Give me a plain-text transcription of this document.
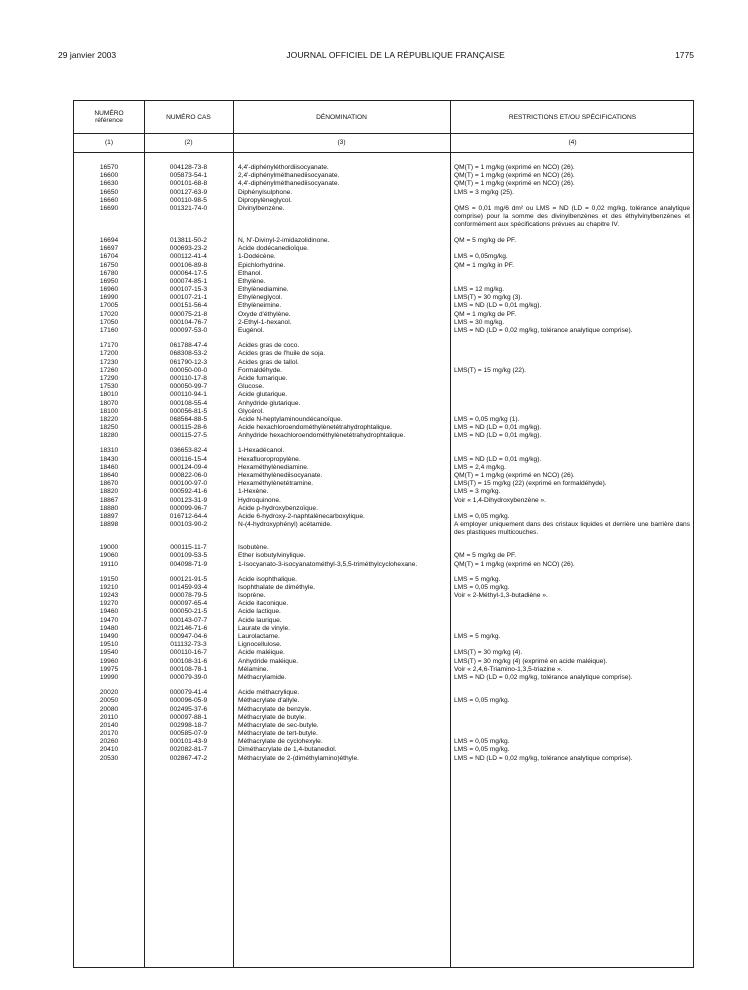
29 janvier 2003	JOURNAL OFFICIEL DE LA RÉPUBLIQUE FRANÇAISE	1775
NUMÉRO référence	NUMÉRO CAS	DÉNOMINATION	RESTRICTIONS ET/OU SPÉCIFICATIONS
(1)	(2)	(3)	(4)
16570	004128-73-8	4,4'-diphényléthordiisocyanate.	QM(T) = 1 mg/kg (exprimé en NCO) (26).
16600	005873-54-1	2,4'-diphénylméthanediisocyanate.	QM(T) = 1 mg/kg (exprimé en NCO) (26).
16630	000101-68-8	4,4'-diphénylméthanediisocyanate.	QM(T) = 1 mg/kg (exprimé en NCO) (26).
16650	000127-63-9	Diphénylsulphone.	LMS = 3 mg/kg (25).
16660	000110-98-5	Dipropylèneglycol.
16690	001321-74-0	Divinylbenzène.	QMS = 0,01 mg/6 dm² ou LMS = ND (LD = 0,02 mg/kg, tolérance analytique comprise) pour la somme des divinylbenzènes et des éthylvinylbenzènes et conformément aux spécifications prévues au chapitre IV.
16694	013811-50-2	N, N'-Divinyl-2-imidazolidinone.	QM = 5 mg/kg de PF.
16697	000693-23-2	Acide dodécanedioïque.
16704	000112-41-4	1-Dodécène.	LMS = 0,05mg/kg.
16750	000106-89-8	Epichlorhydrine.	QM = 1 mg/kg in PF.
16780	000064-17-5	Ethanol.
16950	000074-85-1	Ethylène.
16960	000107-15-3	Ethylènediamine.	LMS = 12 mg/kg.
16990	000107-21-1	Ethylèneglycol.	LMS(T) = 30 mg/kg (3).
17005	000151-56-4	Ethylèneimine.	LMS = ND (LD = 0,01 mg/kg).
17020	000075-21-8	Oxyde d'éthylène.	QM = 1 mg/kg de PF.
17050	000104-76-7	2-Ethyl-1-hexanol.	LMS = 30 mg/kg.
17160	000097-53-0	Eugénol.	LMS = ND (LD = 0,02 mg/kg, tolérance analytique comprise).
17170	061788-47-4	Acides gras de coco.
17200	068308-53-2	Acides gras de l'huile de soja.
17230	061790-12-3	Acides gras de tallol.
17260	000050-00-0	Formaldéhyde.	LMS(T) = 15 mg/kg (22).
17290	000110-17-8	Acide fumarique.
17530	000050-99-7	Glucose.
18010	000110-94-1	Acide glutarique.
18070	000108-55-4	Anhydride glutarique.
18100	000056-81-5	Glycérol.
18220	068564-88-5	Acide N-heptylaminoundécanoïque.	LMS = 0,05 mg/kg (1).
18250	000115-28-6	Acide hexachloroendométhylènetétrahydrophtalique.	LMS = ND (LD = 0,01 mg/kg).
18280	000115-27-5	Anhydride hexachloroendométhylènetétrahydrophtalique.	LMS = ND (LD = 0,01 mg/kg).
18310	036653-82-4	1-Hexadécanol.
18430	000116-15-4	Hexafluoropropylène.	LMS = ND (LD = 0,01 mg/kg).
18460	000124-09-4	Hexaméthylènediamine.	LMS = 2,4 mg/kg.
18640	000822-06-0	Hexaméthylènediisocyanate.	QM(T) = 1 mg/kg (exprimé en NCO) (26).
18670	000100-97-0	Hexaméthylènetétramine.	LMS(T) = 15 mg/kg (22) (exprimé en formaldéhyde).
18820	000592-41-6	1-Hexène.	LMS = 3 mg/kg.
18867	000123-31-9	Hydroquinone.	Voir « 1,4-Dihydroxybenzène ».
18880	000099-96-7	Acide p-hydroxybenzoïque.
18897	016712-64-4	Acide 6-hydroxy-2-naphtalènecarboxylique.	LMS = 0,05 mg/kg.
18898	000103-90-2	N-(4-hydroxyphényl) acétamide.	A employer uniquement dans des cristaux liquides et derrière une barrière dans des plastiques multicouches.
19000	000115-11-7	Isobutène.
19060	000109-53-5	Ether isobutylvinylique.	QM = 5 mg/kg de PF.
19110	004098-71-9	1-Isocyanato-3-isocyanatométhyl-3,5,5-triméthylcyclohexane.	QM(T) = 1 mg/kg (exprimé en NCO) (26).
19150	000121-91-5	Acide isophthalique.	LMS = 5 mg/kg.
19210	001459-93-4	Isophthalate de diméthyle.	LMS = 0,05 mg/kg.
19243	000078-79-5	Isoprène.	Voir « 2-Méthyl-1,3-butadiène ».
19270	000097-65-4	Acide itaconique.
19460	000050-21-5	Acide lactique.
19470	000143-07-7	Acide laurique.
19480	002146-71-6	Laurate de vinyle.
19490	000947-04-6	Laurolactame.	LMS = 5 mg/kg.
19510	011132-73-3	Lignocellulose.
19540	000110-16-7	Acide maléique.	LMS(T) = 30 mg/kg (4).
19960	000108-31-6	Anhydride maléique.	LMS(T) = 30 mg/kg (4) (exprimé en acide maléique).
19975	000108-78-1	Mélamine.	Voir « 2,4,6-Triamino-1,3,5-triazine ».
19990	000079-39-0	Méthacrylamide.	LMS = ND (LD = 0,02 mg/kg, tolérance analytique comprise).
20020	000079-41-4	Acide méthacrylique.
20050	000096-05-9	Méthacrylate d'allyle.	LMS = 0,05 mg/kg.
20080	002495-37-6	Méthacrylate de benzyle.
20110	000097-88-1	Méthacrylate de butyle.
20140	002998-18-7	Méthacrylate de sec-butyle.
20170	000585-07-9	Méthacrylate de tert-butyle.
20260	000101-43-9	Méthacrylate de cyclohexyle.	LMS = 0,05 mg/kg.
20410	002082-81-7	Diméthacrylate de 1,4-butanediol.	LMS = 0,05 mg/kg.
20530	002867-47-2	Méthacrylate de 2-(diméthylamino)éthyle.	LMS = ND (LD = 0,02 mg/kg, tolérance analytique comprise).
